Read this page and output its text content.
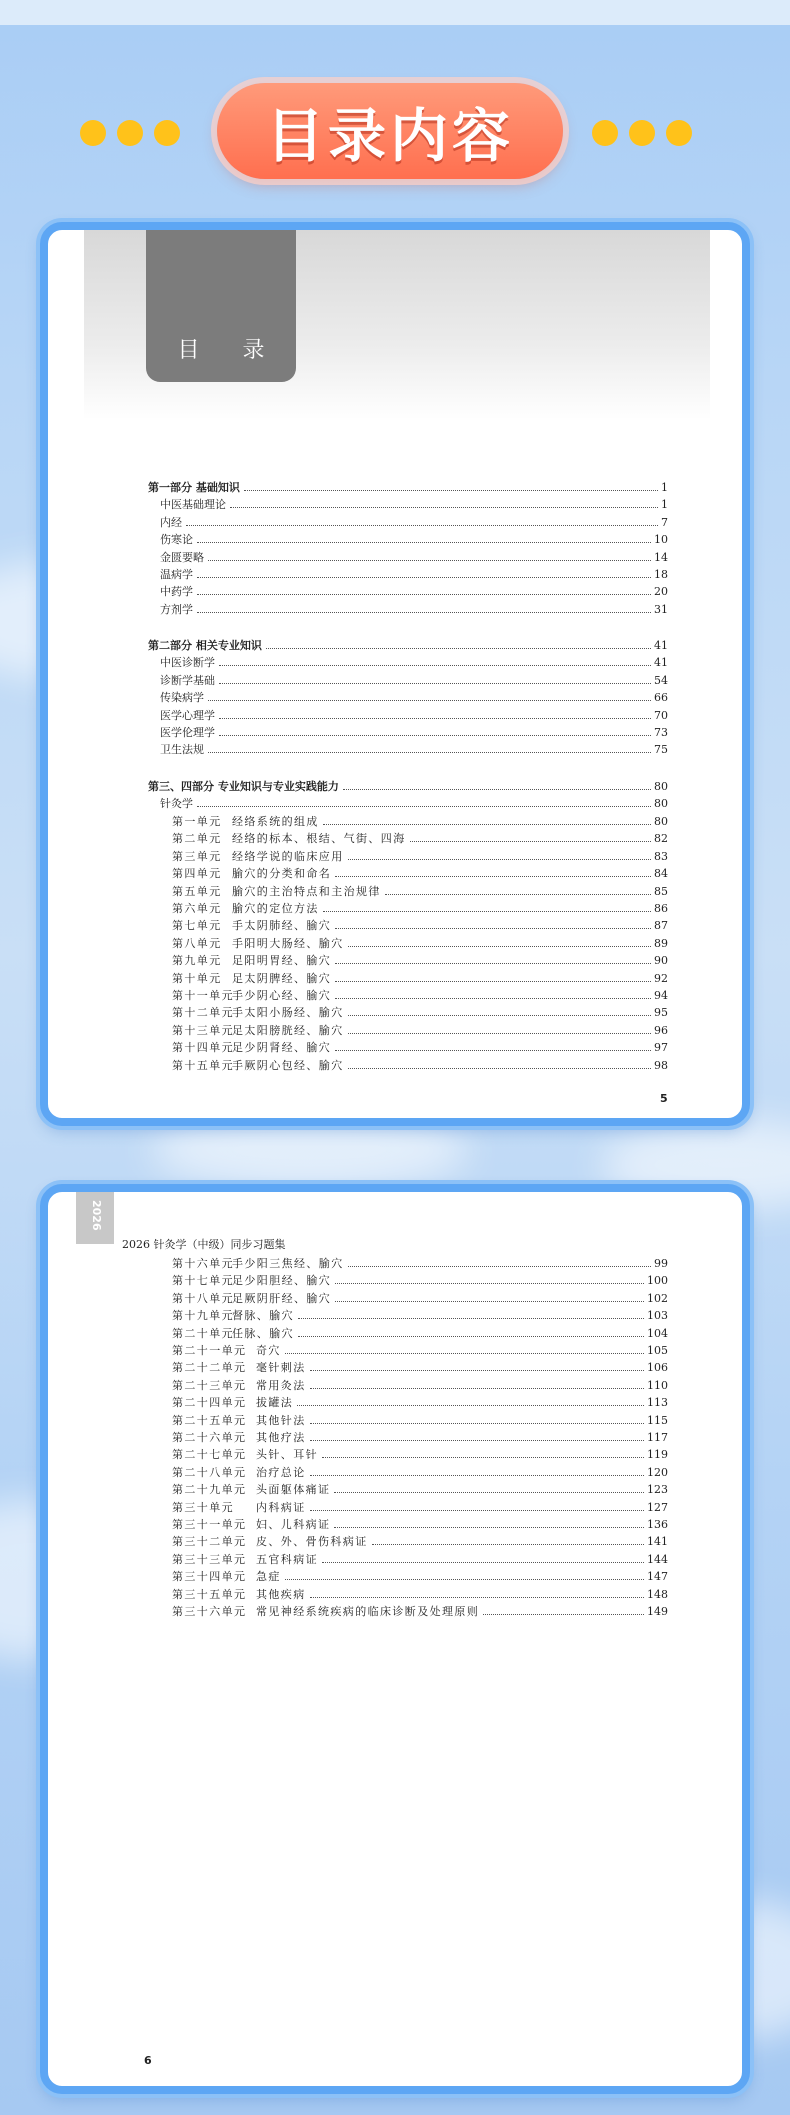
目录内容
目 录
第一部分 基础知识	1
中医基础理论	1
内经	7
伤寒论	10
金匮要略	14
温病学	18
中药学	20
方剂学	31
第二部分 相关专业知识	41
中医诊断学	41
诊断学基础	54
传染病学	66
医学心理学	70
医学伦理学	73
卫生法规	75
第三、四部分 专业知识与专业实践能力	80
针灸学	80
第一单元 经络系统的组成	80
第二单元 经络的标本、根结、气街、四海	82
第三单元 经络学说的临床应用	83
第四单元 腧穴的分类和命名	84
第五单元 腧穴的主治特点和主治规律	85
第六单元 腧穴的定位方法	86
第七单元 手太阴肺经、腧穴	87
第八单元 手阳明大肠经、腧穴	89
第九单元 足阳明胃经、腧穴	90
第十单元 足太阴脾经、腧穴	92
第十一单元手少阴心经、腧穴	94
第十二单元手太阳小肠经、腧穴	95
第十三单元足太阳膀胱经、腧穴	96
第十四单元足少阴肾经、腧穴	97
第十五单元手厥阴心包经、腧穴	98
5
2026
2026 针灸学（中级）同步习题集
第十六单元手少阳三焦经、腧穴	99
第十七单元足少阳胆经、腧穴	100
第十八单元足厥阴肝经、腧穴	102
第十九单元督脉、腧穴	103
第二十单元任脉、腧穴	104
第二十一单元 奇穴	105
第二十二单元 毫针刺法	106
第二十三单元 常用灸法	110
第二十四单元 拔罐法	113
第二十五单元 其他针法	115
第二十六单元 其他疗法	117
第二十七单元 头针、耳针	119
第二十八单元 治疗总论	120
第二十九单元 头面躯体痛证	123
第三十单元 内科病证	127
第三十一单元 妇、儿科病证	136
第三十二单元 皮、外、骨伤科病证	141
第三十三单元 五官科病证	144
第三十四单元 急症	147
第三十五单元 其他疾病	148
第三十六单元 常见神经系统疾病的临床诊断及处理原则	149
6
